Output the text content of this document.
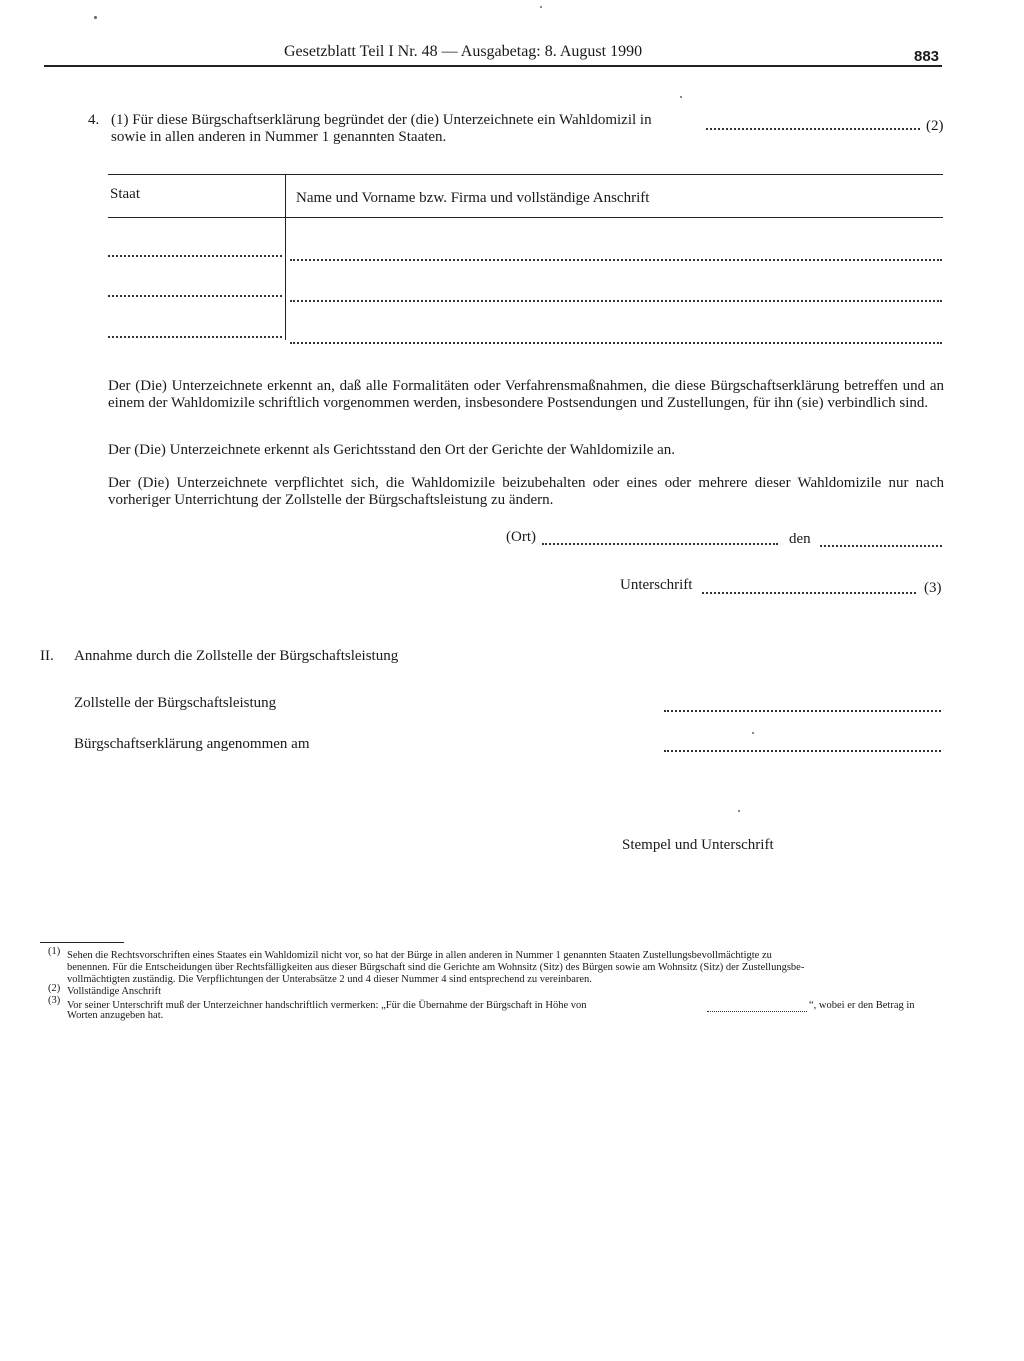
Gesetzblatt Teil I Nr. 48 — Ausgabetag: 8. August 1990	883
4. (1) Für diese Bürgschaftserklärung begründet der (die) Unterzeichnete ein Wahldomizil in	(2)
sowie in allen anderen in Nummer 1 genannten Staaten.
Staat	Name und Vorname bzw. Firma und vollständige Anschrift
Der (Die) Unterzeichnete erkennt an, daß alle Formalitäten oder Verfahrensmaßnahmen, die diese Bürgschaftserklärung betreffen und an einem der Wahldomizile schriftlich vorgenommen werden, insbesondere Postsendungen und Zustellungen, für ihn (sie) verbindlich sind.
Der (Die) Unterzeichnete erkennt als Gerichtsstand den Ort der Gerichte der Wahldomizile an.
Der (Die) Unterzeichnete verpflichtet sich, die Wahldomizile beizubehalten oder eines oder mehrere dieser Wahldomizile nur nach vorheriger Unterrichtung der Zollstelle der Bürgschaftsleistung zu ändern.
(Ort)	den
Unterschrift	(3)
II. Annahme durch die Zollstelle der Bürgschaftsleistung
Zollstelle der Bürgschaftsleistung
Bürgschaftserklärung angenommen am
Stempel und Unterschrift
(1) Sehen die Rechtsvorschriften eines Staates ein Wahldomizil nicht vor, so hat der Bürge in allen anderen in Nummer 1 genannten Staaten Zustellungsbevollmächtigte zu
benennen. Für die Entscheidungen über Rechtsfälligkeiten aus dieser Bürgschaft sind die Gerichte am Wohnsitz (Sitz) des Bürgen sowie am Wohnsitz (Sitz) der Zustellungsbe-
vollmächtigten zuständig. Die Verpflichtungen der Unterabsätze 2 und 4 dieser Nummer 4 sind entsprechend zu vereinbaren.
(2) Vollständige Anschrift
(3) Vor seiner Unterschrift muß der Unterzeichner handschriftlich vermerken: „Für die Übernahme der Bürgschaft in Höhe von	“, wobei er den Betrag in
Worten anzugeben hat.
